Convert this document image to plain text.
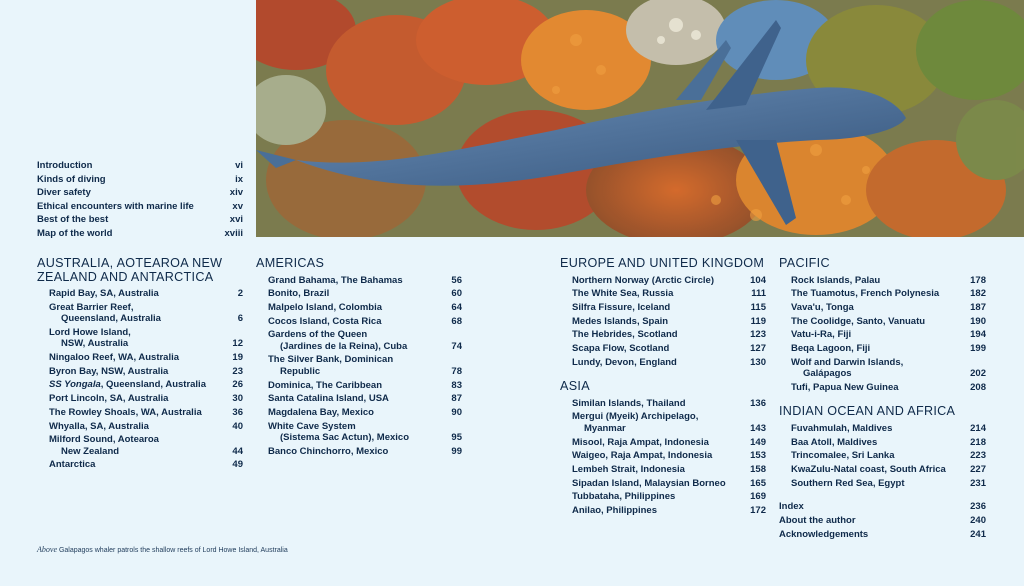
Introduction	vi
Kinds of diving	ix
Diver safety	xiv
Ethical encounters with marine life	xv
Best of the best	xvi
Map of the world	xviii
AUSTRALIA, AOTEAROA NEW ZEALAND AND ANTARCTICA
Rapid Bay, SA, Australia	2
Great Barrier Reef,
Queensland, Australia	6
Lord Howe Island,
NSW, Australia	12
Ningaloo Reef, WA, Australia	19
Byron Bay, NSW, Australia	23
SS Yongala, Queensland, Australia	26
Port Lincoln, SA, Australia	30
The Rowley Shoals, WA, Australia	36
Whyalla, SA, Australia	40
Milford Sound, Aotearoa
New Zealand	44
Antarctica	49
AMERICAS
Grand Bahama, The Bahamas	56
Bonito, Brazil	60
Malpelo Island, Colombia	64
Cocos Island, Costa Rica	68
Gardens of the Queen
(Jardines de la Reina), Cuba	74
The Silver Bank, Dominican
Republic	78
Dominica, The Caribbean	83
Santa Catalina Island, USA	87
Magdalena Bay, Mexico	90
White Cave System
(Sistema Sac Actun), Mexico	95
Banco Chinchorro, Mexico	99
EUROPE AND UNITED KINGDOM
Northern Norway (Arctic Circle)	104
The White Sea, Russia	111
Silfra Fissure, Iceland	115
Medes Islands, Spain	119
The Hebrides, Scotland	123
Scapa Flow, Scotland	127
Lundy, Devon, England	130
ASIA
Similan Islands, Thailand	136
Mergui (Myeik) Archipelago,
Myanmar	143
Misool, Raja Ampat, Indonesia	149
Waigeo, Raja Ampat, Indonesia	153
Lembeh Strait, Indonesia	158
Sipadan Island, Malaysian Borneo	165
Tubbataha, Philippines	169
Anilao, Philippines	172
PACIFIC
Rock Islands, Palau	178
The Tuamotus, French Polynesia	182
Vava'u, Tonga	187
The Coolidge, Santo, Vanuatu	190
Vatu-i-Ra, Fiji	194
Beqa Lagoon, Fiji	199
Wolf and Darwin Islands,
Galápagos	202
Tufi, Papua New Guinea	208
INDIAN OCEAN AND AFRICA
Fuvahmulah, Maldives	214
Baa Atoll, Maldives	218
Trincomalee, Sri Lanka	223
KwaZulu-Natal coast, South Africa	227
Southern Red Sea, Egypt	231
Index	236
About the author	240
Acknowledgements	241
Above Galapagos whaler patrols the shallow reefs of Lord Howe Island, Australia
